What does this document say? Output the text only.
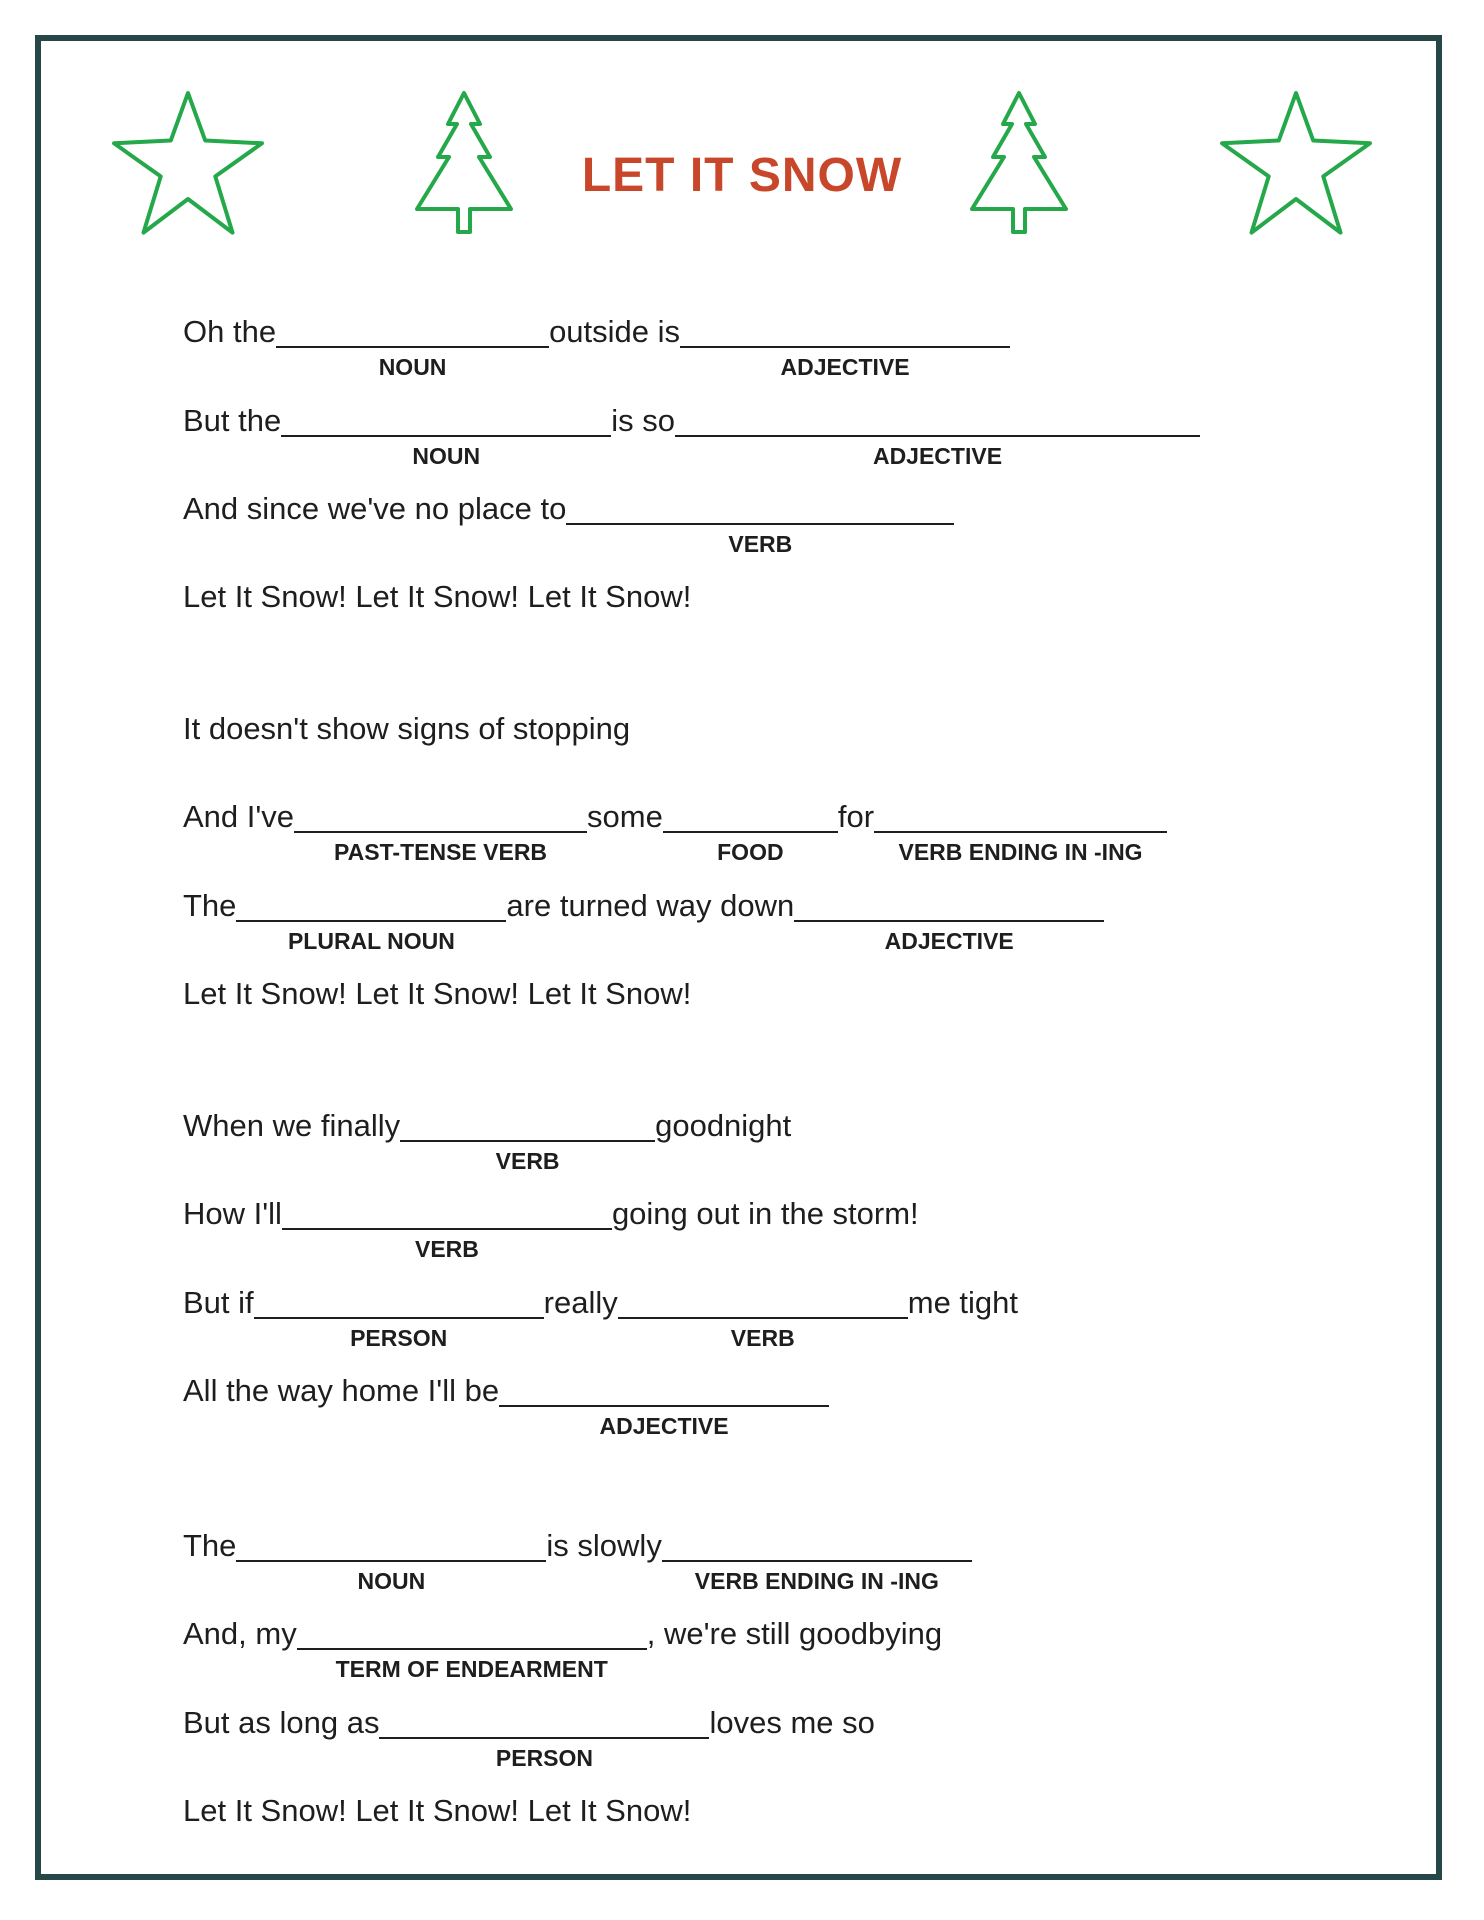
LET IT SNOW
Oh the
NOUN
outside is
ADJECTIVE
But the
NOUN
is so
ADJECTIVE
And since we've no place to
VERB
Let It Snow! Let It Snow! Let It Snow!
It doesn't show signs of stopping
And I've
PAST-TENSE VERB
some
FOOD
for
VERB ENDING IN -ING
The
PLURAL NOUN
are turned way down
ADJECTIVE
Let It Snow! Let It Snow! Let It Snow!
When we finally
VERB
goodnight
How I'll
VERB
going out in the storm!
But if
PERSON
really
VERB
me tight
All the way home I'll be
ADJECTIVE
The
NOUN
is slowly
VERB ENDING IN -ING
And, my
TERM OF ENDEARMENT
, we're still goodbying
But as long as
PERSON
loves me so
Let It Snow! Let It Snow! Let It Snow!
